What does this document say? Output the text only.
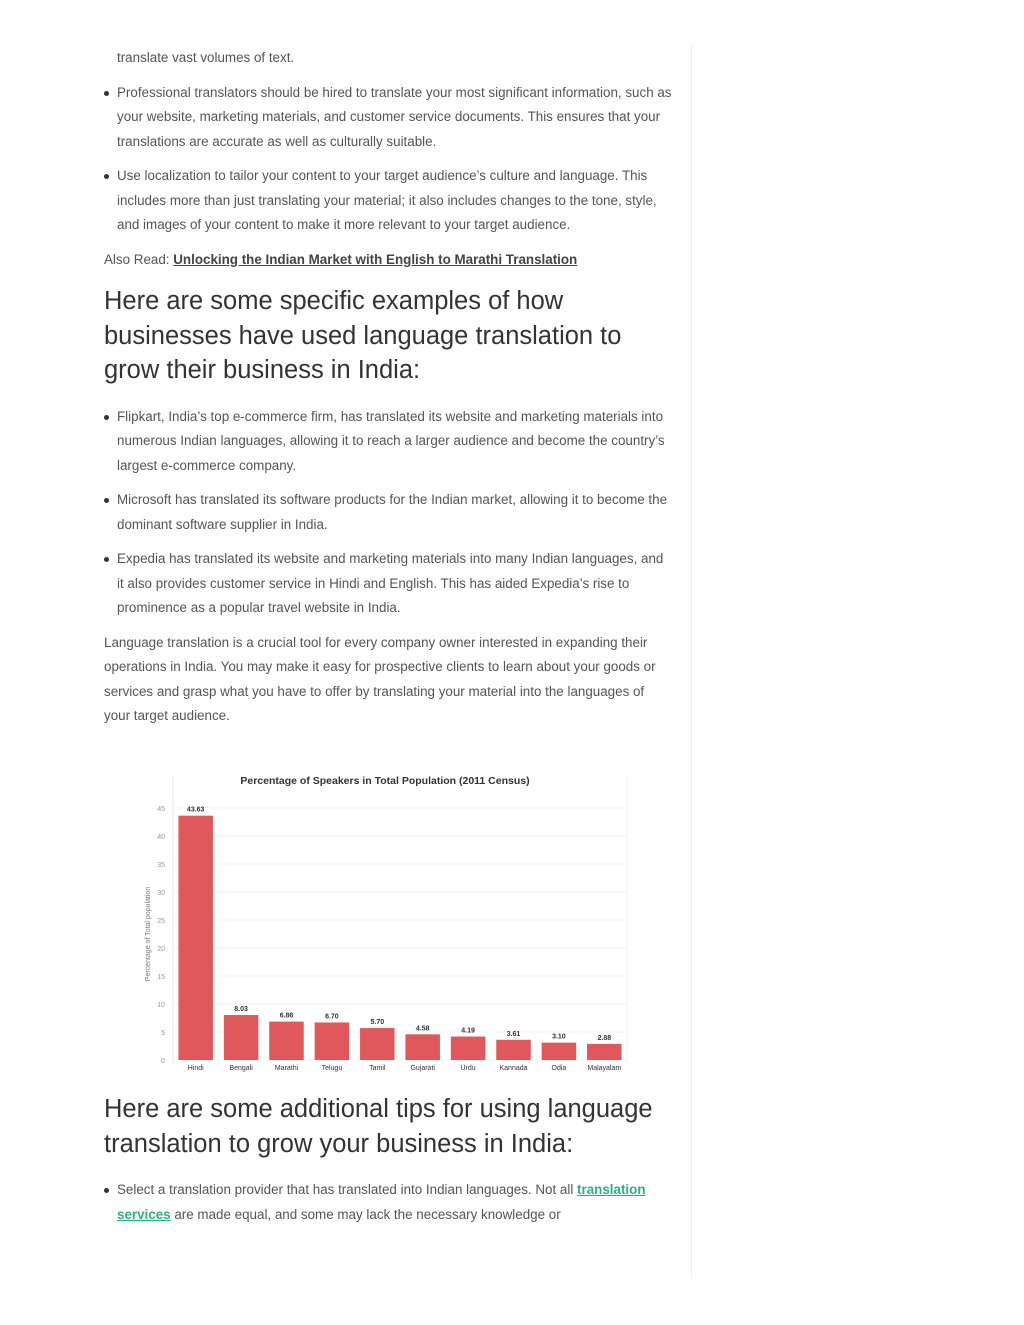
translate vast volumes of text.

Professional translators should be hired to translate your most significant information, such as your website, marketing materials, and customer service documents. This ensures that your translations are accurate as well as culturally suitable.
Use localization to tailor your content to your target audience’s culture and language. This includes more than just translating your material; it also includes changes to the tone, style, and images of your content to make it more relevant to your target audience.

Also Read: Unlocking the Indian Market with English to Marathi Translation

Here are some specific examples of how businesses have used language translation to grow their business in India:
Flipkart, India’s top e-commerce firm, has translated its website and marketing materials into numerous Indian languages, allowing it to reach a larger audience and become the country’s largest e-commerce company.
Microsoft has translated its software products for the Indian market, allowing it to become the dominant software supplier in India.
Expedia has translated its website and marketing materials into many Indian languages, and it also provides customer service in Hindi and English. This has aided Expedia’s rise to prominence as a popular travel website in India.

Language translation is a crucial tool for every company owner interested in expanding their operations in India. You may make it easy for prospective clients to learn about your goods or services and grasp what you have to offer by translating your material into the languages of your target audience.

Percentage of Speakers in Total Population (2011 Census)
0
5
10
15
20
25
30
35
40
45
Percentage of Total population
43.63
Hindi
8.03
Bengali
6.86
Marathi
6.70
Telugu
5.70
Tamil
4.58
Gujarati
4.19
Urdu
3.61
Kannada
3.10
Odia
2.88
Malayalam
Here are some additional tips for using language translation to grow your business in India:
Select a translation provider that has translated into Indian languages. Not all translation services are made equal, and some may lack the necessary knowledge or
